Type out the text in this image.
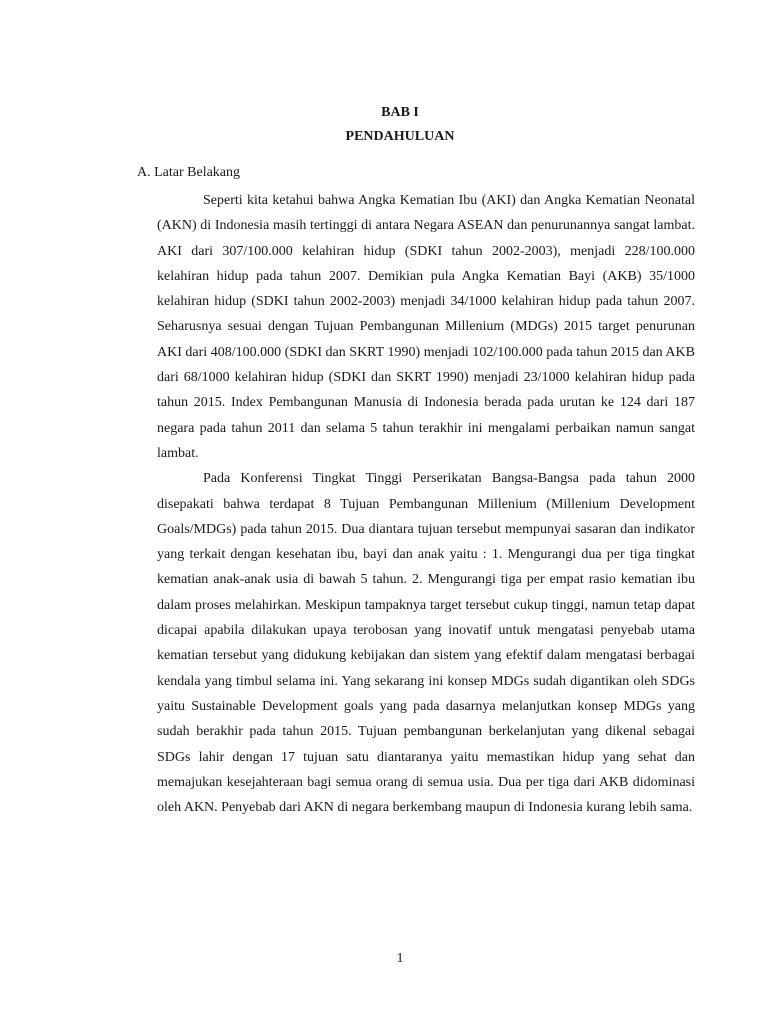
BAB I
PENDAHULUAN
A. Latar Belakang

Seperti kita ketahui bahwa Angka Kematian Ibu (AKI) dan Angka Kematian Neonatal (AKN) di Indonesia masih tertinggi di antara Negara ASEAN dan penurunannya sangat lambat. AKI dari 307/100.000 kelahiran hidup (SDKI tahun 2002-2003), menjadi 228/100.000 kelahiran hidup pada tahun 2007. Demikian pula Angka Kematian Bayi (AKB) 35/1000 kelahiran hidup (SDKI tahun 2002-2003) menjadi 34/1000 kelahiran hidup pada tahun 2007. Seharusnya sesuai dengan Tujuan Pembangunan Millenium (MDGs) 2015 target penurunan AKI dari 408/100.000 (SDKI dan SKRT 1990) menjadi 102/100.000 pada tahun 2015 dan AKB dari 68/1000 kelahiran hidup (SDKI dan SKRT 1990) menjadi 23/1000 kelahiran hidup pada tahun 2015. Index Pembangunan Manusia di Indonesia berada pada urutan ke 124 dari 187 negara pada tahun 2011 dan selama 5 tahun terakhir ini mengalami perbaikan namun sangat lambat.

Pada Konferensi Tingkat Tinggi Perserikatan Bangsa-Bangsa pada tahun 2000 disepakati bahwa terdapat 8 Tujuan Pembangunan Millenium (Millenium Development Goals/MDGs) pada tahun 2015. Dua diantara tujuan tersebut mempunyai sasaran dan indikator yang terkait dengan kesehatan ibu, bayi dan anak yaitu : 1. Mengurangi dua per tiga tingkat kematian anak-anak usia di bawah 5 tahun. 2. Mengurangi tiga per empat rasio kematian ibu dalam proses melahirkan. Meskipun tampaknya target tersebut cukup tinggi, namun tetap dapat dicapai apabila dilakukan upaya terobosan yang inovatif untuk mengatasi penyebab utama kematian tersebut yang didukung kebijakan dan sistem yang efektif dalam mengatasi berbagai kendala yang timbul selama ini. Yang sekarang ini konsep MDGs sudah digantikan oleh SDGs yaitu Sustainable Development goals yang pada dasarnya melanjutkan konsep MDGs yang sudah berakhir pada tahun 2015. Tujuan pembangunan berkelanjutan yang dikenal sebagai SDGs lahir dengan 17 tujuan satu diantaranya yaitu memastikan hidup yang sehat dan memajukan kesejahteraan bagi semua orang di semua usia. Dua per tiga dari AKB didominasi oleh AKN. Penyebab dari AKN di negara berkembang maupun di Indonesia kurang lebih sama.

1
